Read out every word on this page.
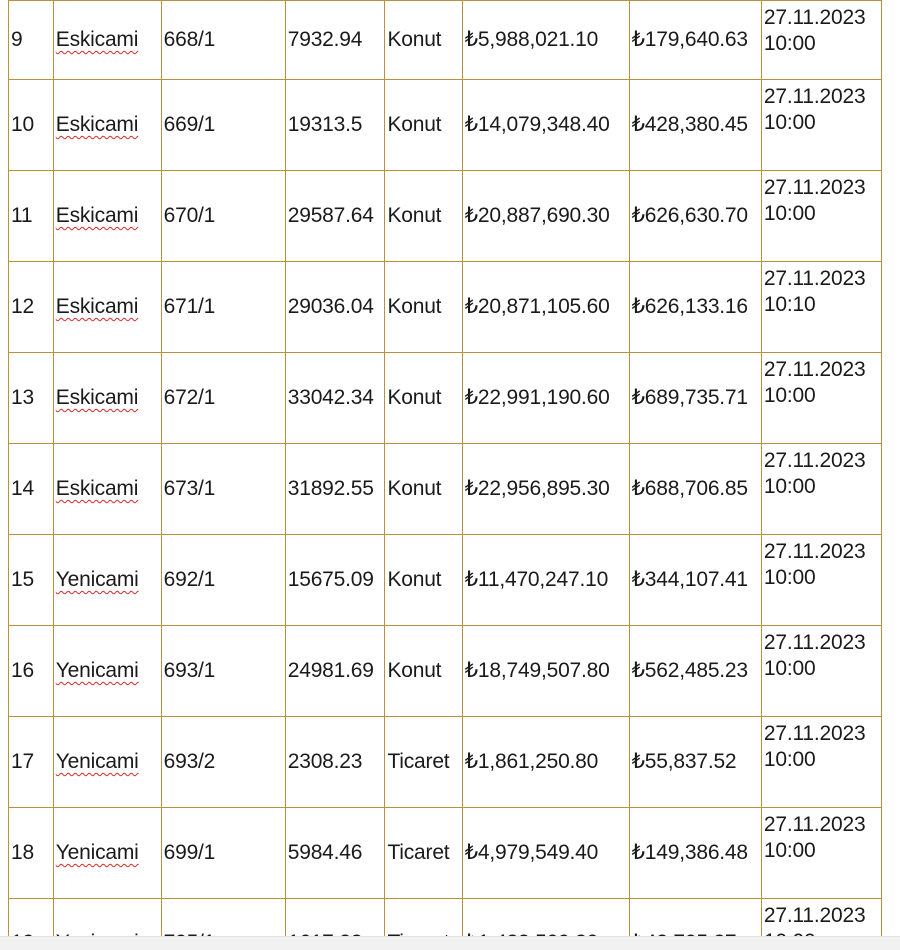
9	Eskicami	668/1	7932.94	Konut	₺5,988,021.10	₺179,640.63	27.11.2023
10:00

10	Eskicami	669/1	19313.5	Konut	₺14,079,348.40	₺428,380.45	27.11.2023
10:00

11	Eskicami	670/1	29587.64	Konut	₺20,887,690.30	₺626,630.70	27.11.2023
10:00

12	Eskicami	671/1	29036.04	Konut	₺20,871,105.60	₺626,133.16	27.11.2023
10:10

13	Eskicami	672/1	33042.34	Konut	₺22,991,190.60	₺689,735.71	27.11.2023
10:00

14	Eskicami	673/1	31892.55	Konut	₺22,956,895.30	₺688,706.85	27.11.2023
10:00

15	Yenicami	692/1	15675.09	Konut	₺11,470,247.10	₺344,107.41	27.11.2023
10:00

16	Yenicami	693/1	24981.69	Konut	₺18,749,507.80	₺562,485.23	27.11.2023
10:00

17	Yenicami	693/2	2308.23	Ticaret	₺1,861,250.80	₺55,837.52	27.11.2023
10:00

18	Yenicami	699/1	5984.46	Ticaret	₺4,979,549.40	₺149,386.48	27.11.2023
10:00

27.11.2023
